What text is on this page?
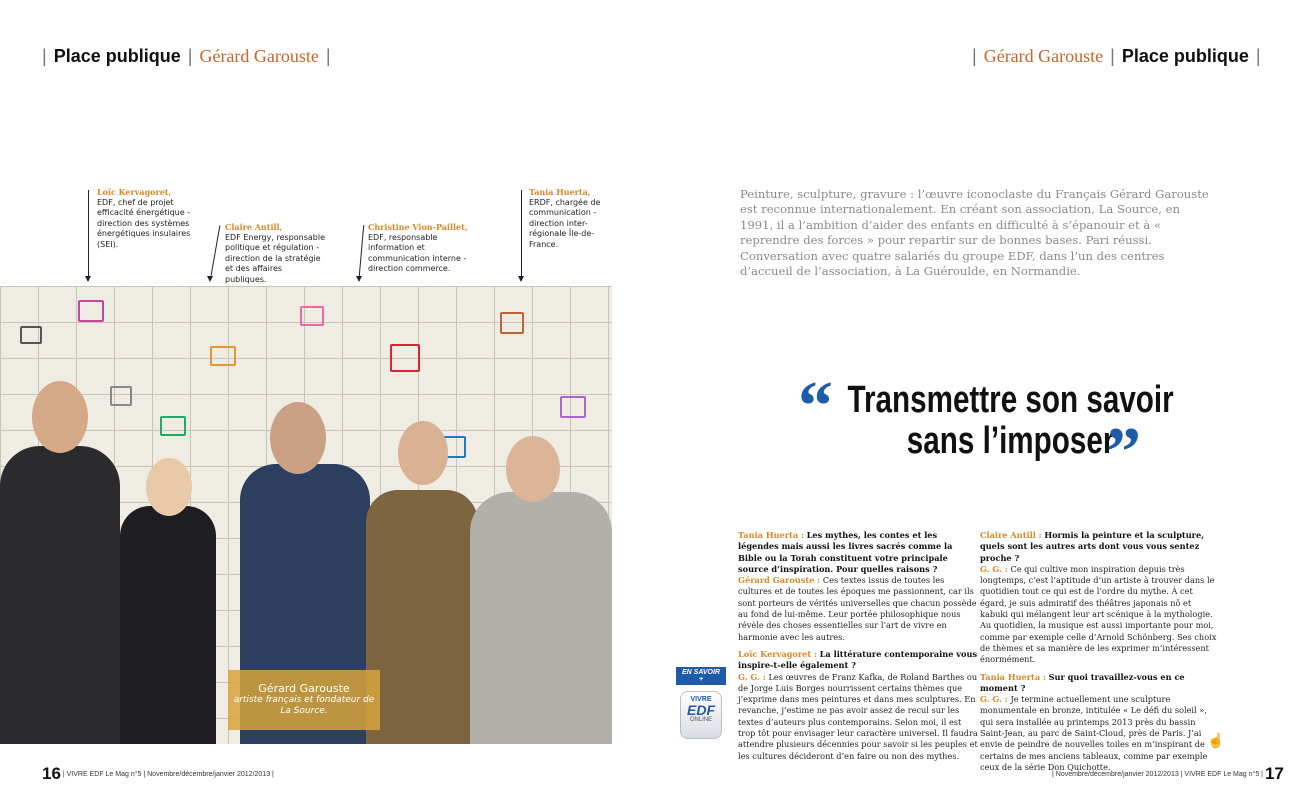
| Place publique | Gérard Garouste |	| Gérard Garouste | Place publique |
Loïc Kervagoret,
EDF, chef de projet efficacité énergétique - direction des systèmes énergétiques insulaires (SEI).
Claire Antill,
EDF Energy, responsable politique et régulation - direction de la stratégie et des affaires publiques.
Christine Vion-Paillet,
EDF, responsable information et communication interne - direction commerce.
Tania Huerta,
ERDF, chargée de communication - direction inter-régionale Île-de-France.
Gérard Garouste
artiste français et fondateur de La Source.
Peinture, sculpture, gravure : l’œuvre iconoclaste du Français Gérard Garouste est reconnue internationalement. En créant son association, La Source, en 1991, il a l’ambition d’aider des enfants en difficulté à s’épanouir et à « reprendre des forces » pour repartir sur de bonnes bases. Pari réussi. Conversation avec quatre salariés du groupe EDF, dans l’un des centres d’accueil de l’association, à La Guéroulde, en Normandie.
“ Transmettre son savoir
sans l’imposer
”

Tania Huerta : Les mythes, les contes et les légendes mais aussi les livres sacrés comme la Bible ou la Torah constituent votre principale source d’inspiration. Pour quelles raisons ?
Gérard Garouste : Ces textes issus de toutes les cultures et de toutes les époques me passionnent, car ils sont porteurs de vérités universelles que chacun possède au fond de lui-même. Leur portée philosophique nous révèle des choses essentielles sur l’art de vivre en harmonie avec les autres.

Loïc Kervagoret : La littérature contemporaine vous inspire-t-elle également ?
G. G. : Les œuvres de Franz Kafka, de Roland Barthes ou de Jorge Luis Borges nourrissent certains thèmes que j’exprime dans mes peintures et dans mes sculptures. En revanche, j’estime ne pas avoir assez de recul sur les textes d’auteurs plus contemporains. Selon moi, il est trop tôt pour envisager leur caractère universel. Il faudra attendre plusieurs décennies pour savoir si les peuples et les cultures décideront d’en faire ou non des mythes.

Claire Antill : Hormis la peinture et la sculpture, quels sont les autres arts dont vous vous sentez proche ?
G. G. : Ce qui cultive mon inspiration depuis très longtemps, c’est l’aptitude d’un artiste à trouver dans le quotidien tout ce qui est de l’ordre du mythe. À cet égard, je suis admiratif des théâtres japonais nô et kabuki qui mélangent leur art scénique à la mythologie. Au quotidien, la musique est aussi importante pour moi, comme par exemple celle d’Arnold Schönberg. Ses choix de thèmes et sa manière de les exprimer m’intéressent énormément.

Tania Huerta : Sur quoi travaillez-vous en ce moment ?
G. G. : Je termine actuellement une sculpture monumentale en bronze, intitulée « Le défi du soleil », qui sera installée au printemps 2013 près du bassin Saint-Jean, au parc de Saint-Cloud, près de Paris. J’ai envie de peindre de nouvelles toiles en m’inspirant de certains de mes anciens tableaux, comme par exemple ceux de la série Don Quichotte.

EN SAVOIR +
VIVRE
EDF
ONLINE
16 | VIVRE EDF Le Mag n°5 | Novembre/décembre/janvier 2012/2013 |	| Novembre/décembre/janvier 2012/2013 | VIVRE EDF Le Mag n°5 | 17
☝
